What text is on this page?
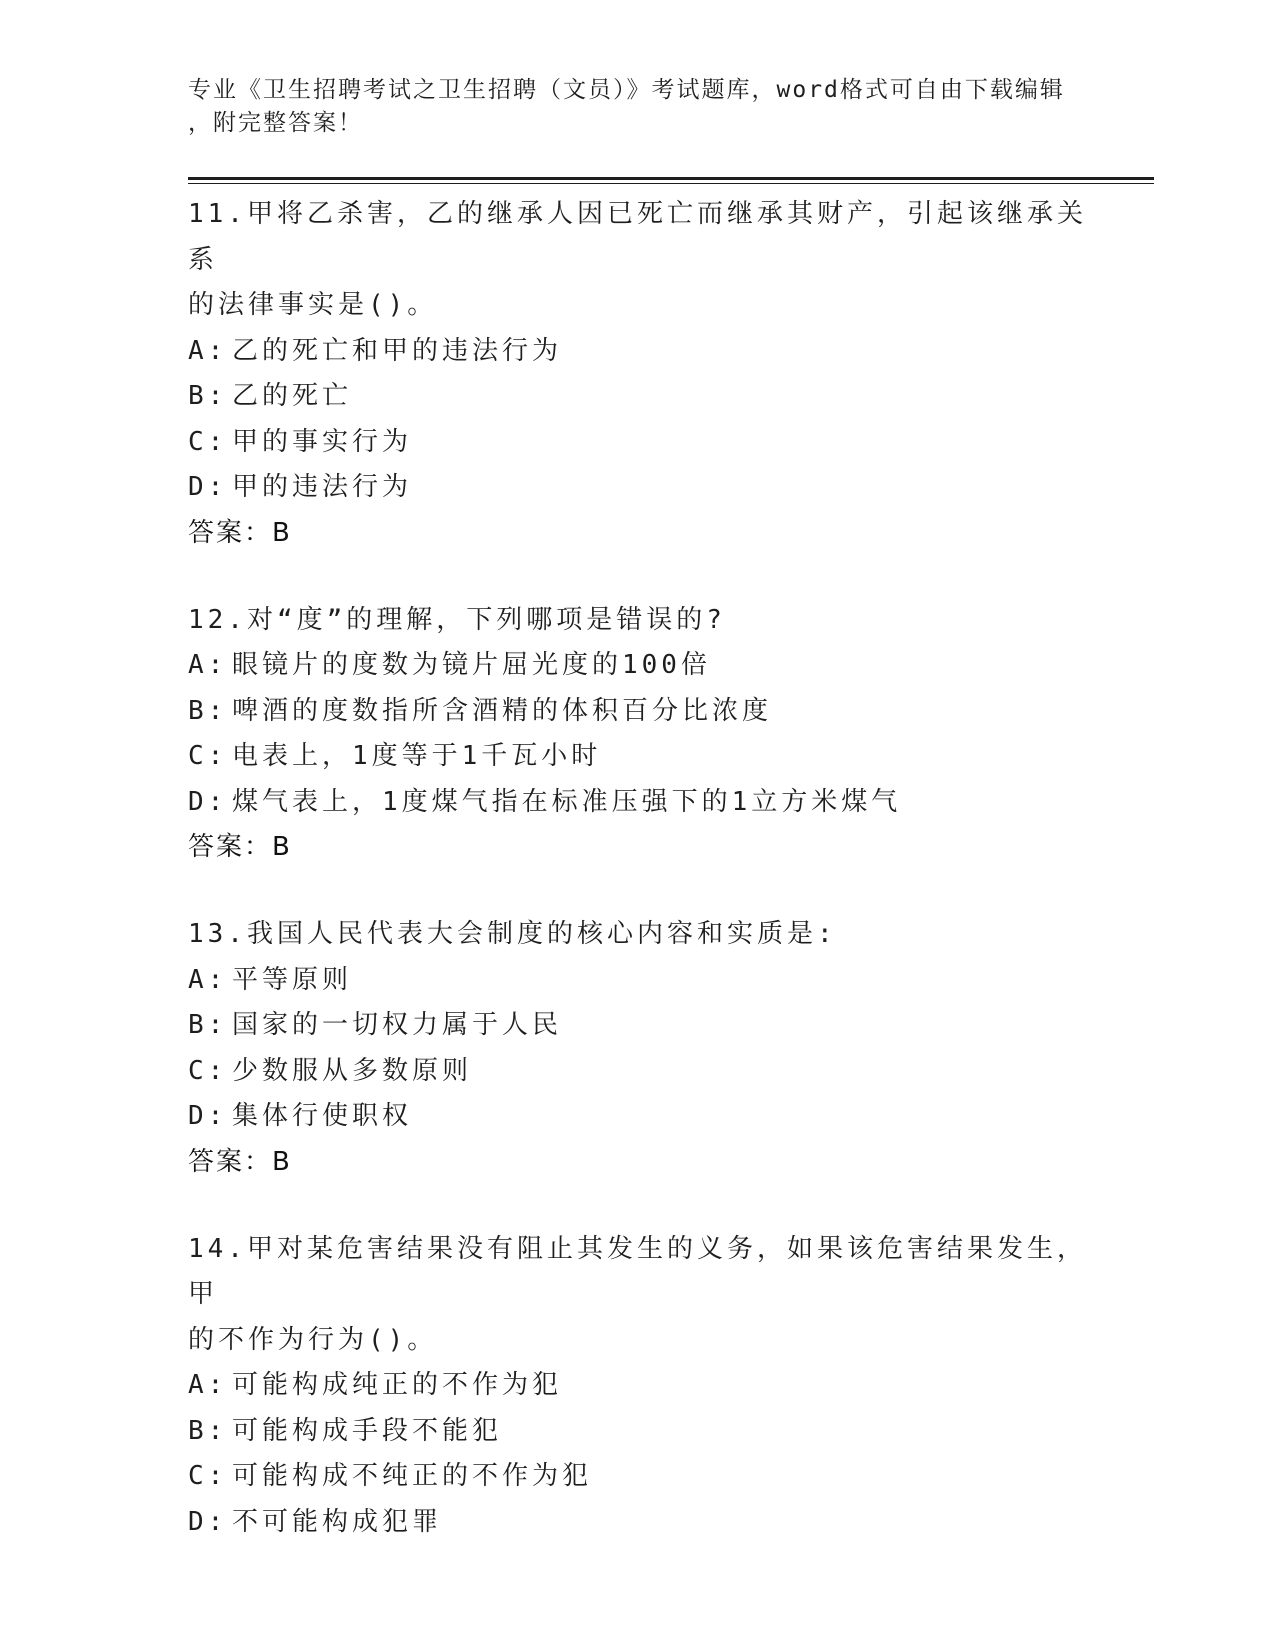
专业《卫生招聘考试之卫生招聘（文员）》考试题库，word格式可自由下载编辑
，附完整答案！
11.甲将乙杀害，乙的继承人因已死亡而继承其财产，引起该继承关系
的法律事实是()。
A: 乙的死亡和甲的违法行为
B: 乙的死亡
C: 甲的事实行为
D: 甲的违法行为
答案：B
12.对“度”的理解，下列哪项是错误的?
A: 眼镜片的度数为镜片屈光度的100倍
B: 啤酒的度数指所含酒精的体积百分比浓度
C: 电表上，1度等于1千瓦小时
D: 煤气表上，1度煤气指在标准压强下的1立方米煤气
答案：B
13.我国人民代表大会制度的核心内容和实质是:
A: 平等原则
B: 国家的一切权力属于人民
C: 少数服从多数原则
D: 集体行使职权
答案：B
14.甲对某危害结果没有阻止其发生的义务，如果该危害结果发生，甲
的不作为行为()。
A: 可能构成纯正的不作为犯
B: 可能构成手段不能犯
C: 可能构成不纯正的不作为犯
D: 不可能构成犯罪
